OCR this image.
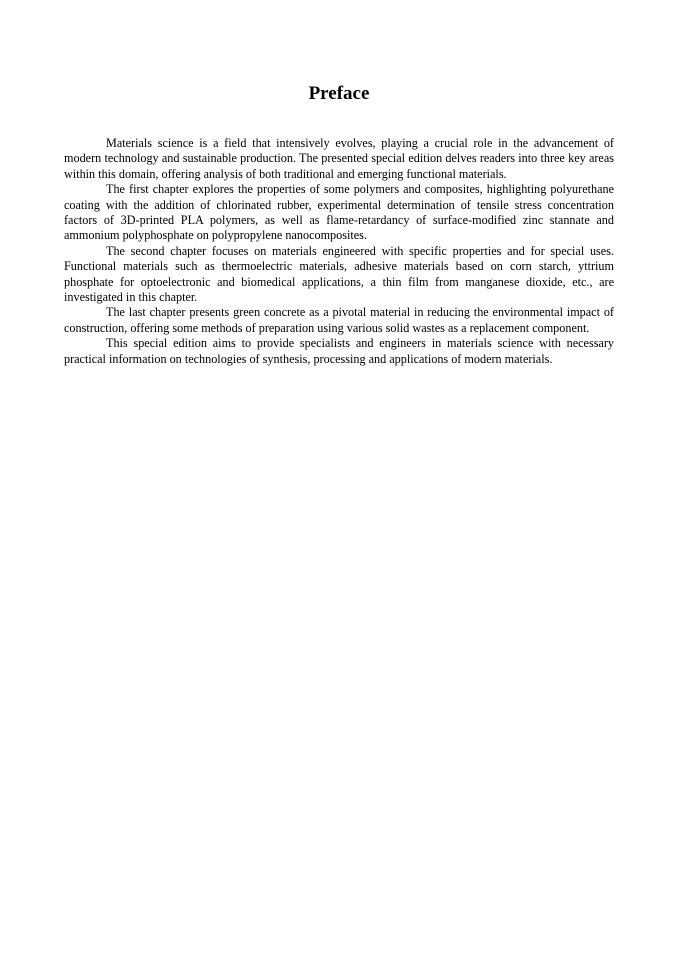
Preface

Materials science is a field that intensively evolves, playing a crucial role in the advancement of modern technology and sustainable production. The presented special edition delves readers into three key areas within this domain, offering analysis of both traditional and emerging functional materials.

The first chapter explores the properties of some polymers and composites, highlighting polyurethane coating with the addition of chlorinated rubber, experimental determination of tensile stress concentration factors of 3D-printed PLA polymers, as well as flame-retardancy of surface-modified zinc stannate and ammonium polyphosphate on polypropylene nanocomposites.

The second chapter focuses on materials engineered with specific properties and for special uses. Functional materials such as thermoelectric materials, adhesive materials based on corn starch, yttrium phosphate for optoelectronic and biomedical applications, a thin film from manganese dioxide, etc., are investigated in this chapter.

The last chapter presents green concrete as a pivotal material in reducing the environmental impact of construction, offering some methods of preparation using various solid wastes as a replacement component.

This special edition aims to provide specialists and engineers in materials science with necessary practical information on technologies of synthesis, processing and applications of modern materials.
